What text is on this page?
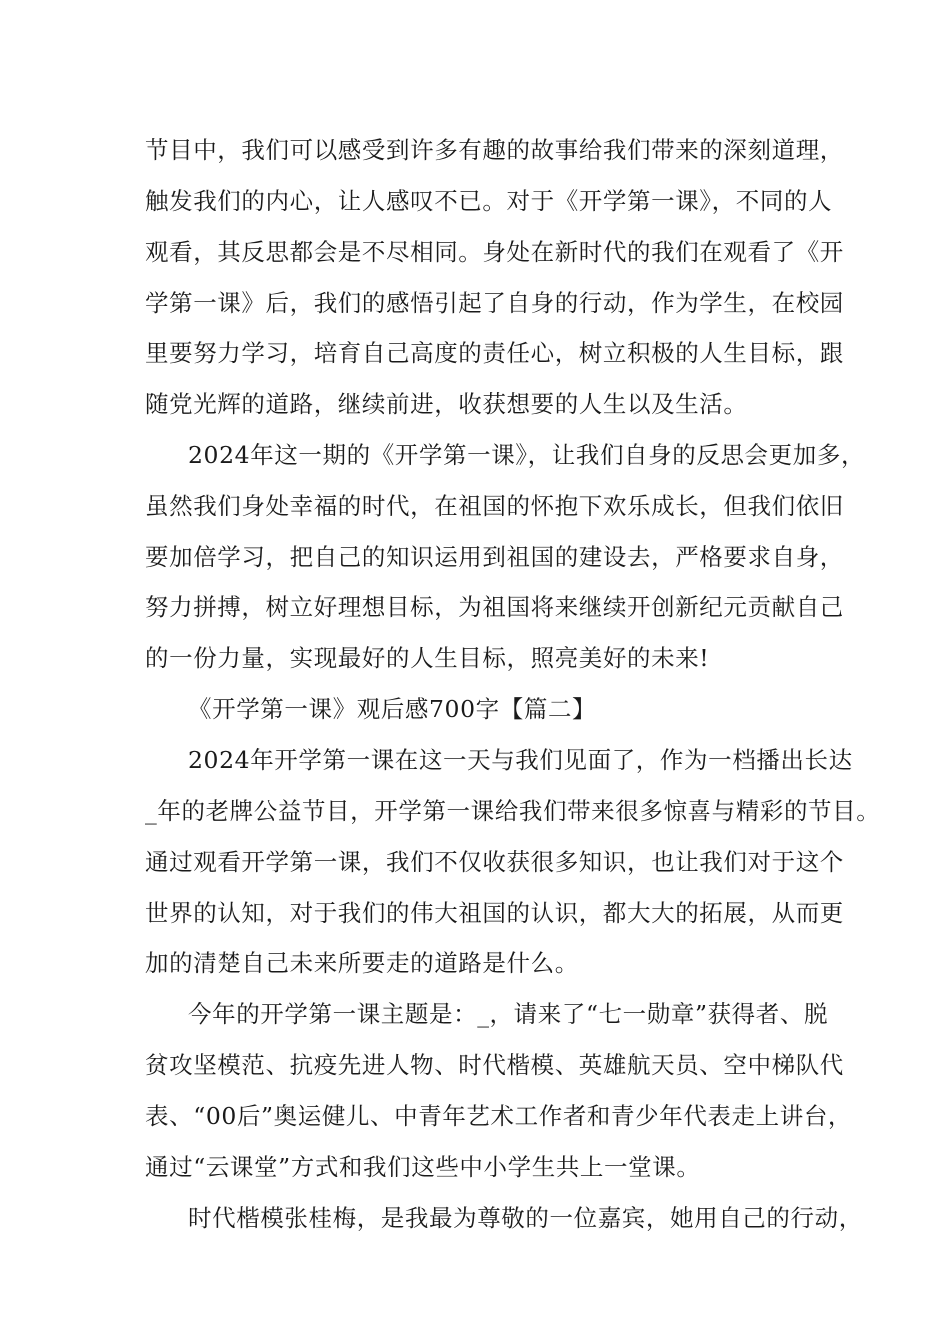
节目中，我们可以感受到许多有趣的故事给我们带来的深刻道理，
触发我们的内心，让人感叹不已。对于《开学第一课》，不同的人
观看，其反思都会是不尽相同。身处在新时代的我们在观看了《开
学第一课》后，我们的感悟引起了自身的行动，作为学生，在校园
里要努力学习，培育自己高度的责任心，树立积极的人生目标，跟
随党光辉的道路，继续前进，收获想要的人生以及生活。
2024年这一期的《开学第一课》，让我们自身的反思会更加多，
虽然我们身处幸福的时代，在祖国的怀抱下欢乐成长，但我们依旧
要加倍学习，把自己的知识运用到祖国的建设去，严格要求自身，
努力拼搏，树立好理想目标，为祖国将来继续开创新纪元贡献自己
的一份力量，实现最好的人生目标，照亮美好的未来!
《开学第一课》观后感700字【篇二】
2024年开学第一课在这一天与我们见面了，作为一档播出长达
_年的老牌公益节目，开学第一课给我们带来很多惊喜与精彩的节目。
通过观看开学第一课，我们不仅收获很多知识，也让我们对于这个
世界的认知，对于我们的伟大祖国的认识，都大大的拓展，从而更
加的清楚自己未来所要走的道路是什么。
今年的开学第一课主题是：_，请来了“七一勋章”获得者、脱
贫攻坚模范、抗疫先进人物、时代楷模、英雄航天员、空中梯队代
表、“00后”奥运健儿、中青年艺术工作者和青少年代表走上讲台，
通过“云课堂”方式和我们这些中小学生共上一堂课。
时代楷模张桂梅，是我最为尊敬的一位嘉宾，她用自己的行动，
